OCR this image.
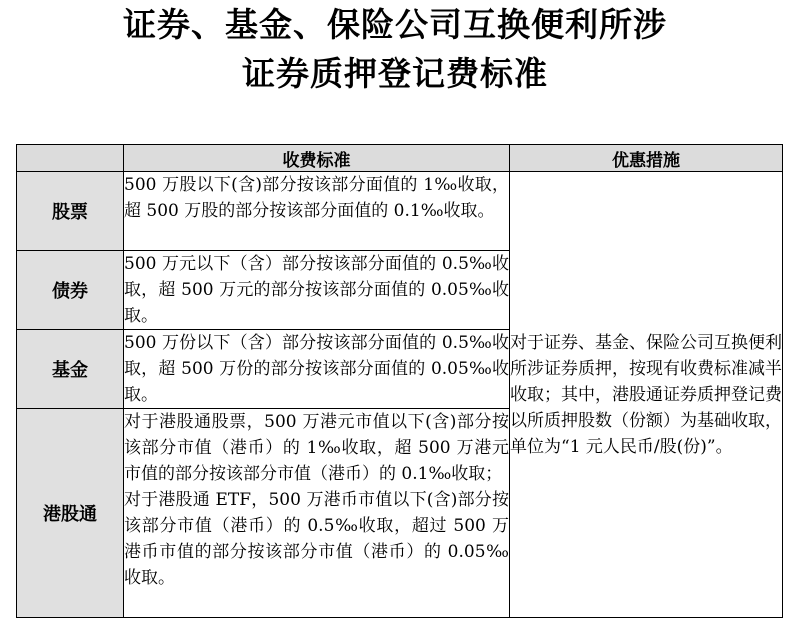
证券、基金、保险公司互换便利所涉
证券质押登记费标准
	收费标准	优惠措施
股票	500 万股以下(含)部分按该部分面值的 1‰收取，超 500 万股的部分按该部分面值的 0.1‰收取。	对于证券、基金、保险公司互换便利所涉证券质押，按现有收费标准减半收取；其中，港股通证券质押登记费以所质押股数（份额）为基础收取，单位为“1 元人民币/股(份)”。
债券	500 万元以下（含）部分按该部分面值的 0.5‰收取，超 500 万元的部分按该部分面值的 0.05‰收取。	

基金	500 万份以下（含）部分按该部分面值的 0.5‰收取，超 500 万份的部分按该部分面值的 0.05‰收取。	

港股通	对于港股通股票，500 万港元市值以下(含)部分按该部分市值（港币）的 1‰收取，超 500 万港元市值的部分按该部分市值（港币）的 0.1‰收取；
对于港股通 ETF，500 万港币市值以下(含)部分按该部分市值（港币）的 0.5‰收取，超过 500 万港币市值的部分按该部分市值（港币）的 0.05‰收取。	
